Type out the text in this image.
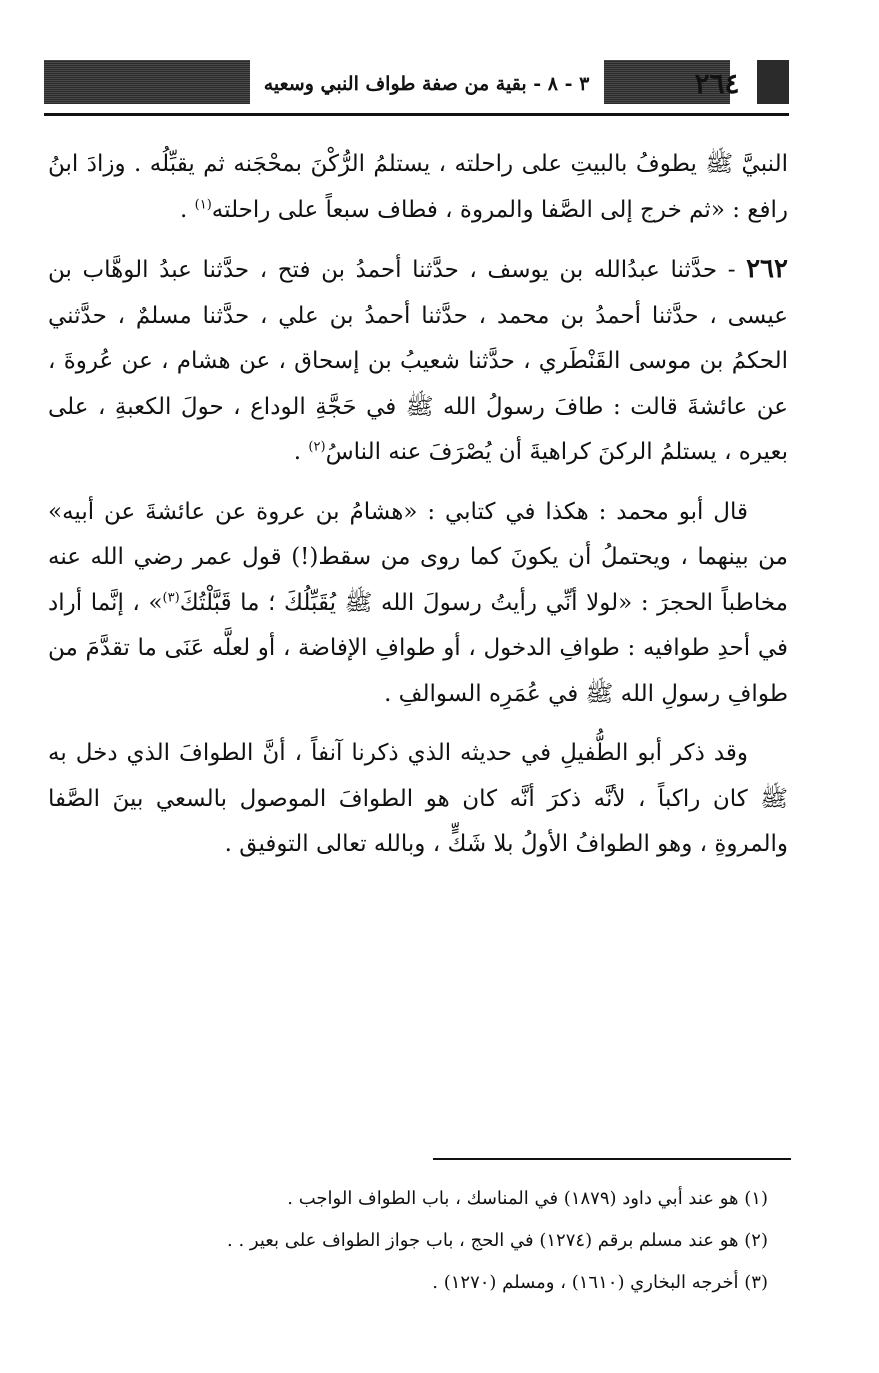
٣ - ٨ - بقية من صفة طواف النبي وسعيه	٢٦٤

النبيَّ ﷺ يطوفُ بالبيتِ على راحلته ، يستلمُ الرُّكْنَ بمحْجَنه ثم يقبِّلُه . وزادَ ابنُ رافع : «ثم خرج إلى الصَّفا والمروة ، فطاف سبعاً على راحلته$^{(١)}$ .

٢٦٢ - حدَّثنا عبدُالله بن يوسف ، حدَّثنا أحمدُ بن فتح ، حدَّثنا عبدُ الوهَّاب بن عيسى ، حدَّثنا أحمدُ بن محمد ، حدَّثنا أحمدُ بن علي ، حدَّثنا مسلمٌ ، حدَّثني الحكمُ بن موسى القَنْطَري ، حدَّثنا شعيبُ بن إسحاق ، عن هشام ، عن عُروةَ ، عن عائشةَ قالت : طافَ رسولُ الله ﷺ في حَجَّةِ الوداع ، حولَ الكعبةِ ، على بعيره ، يستلمُ الركنَ كراهيةَ أن يُصْرَفَ عنه الناسُ$^{(٢)}$ .

قال أبو محمد : هكذا في كتابي : «هشامُ بن عروة عن عائشةَ عن أبيه» من بينهما ، ويحتملُ أن يكونَ كما روى من سقط(!) قول عمر رضي الله عنه مخاطباً الحجرَ : «لولا أنِّي رأيتُ رسولَ الله ﷺ يُقَبِّلُكَ ؛ ما قَبَّلْتُكَ$^{(٣)}$» ، إنَّما أراد في أحدِ طوافيه : طوافِ الدخول ، أو طوافِ الإفاضة ، أو لعلَّه عَنَى ما تقدَّمَ من طوافِ رسولِ الله ﷺ في عُمَرِه السوالفِ .

وقد ذكر أبو الطُّفيلِ في حديثه الذي ذكرنا آنفاً ، أنَّ الطوافَ الذي دخل به ﷺ كان راكباً ، لأنَّه ذكرَ أنَّه كان هو الطوافَ الموصول بالسعي بينَ الصَّفا والمروةِ ، وهو الطوافُ الأولُ بلا شَكٍّ ، وبالله تعالى التوفيق .

(١) هو عند أبي داود (١٨٧٩) في المناسك ، باب الطواف الواجب .
(٢) هو عند مسلم برقم (١٢٧٤) في الحج ، باب جواز الطواف على بعير . .
(٣) أخرجه البخاري (١٦١٠) ، ومسلم (١٢٧٠) .
